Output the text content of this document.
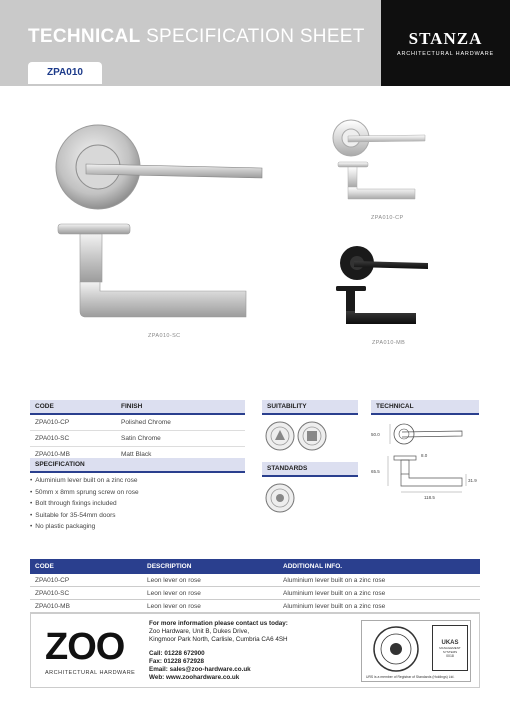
TECHNICAL SPECIFICATION SHEET	STANZA
ARCHITECTURAL HARDWARE
ZPA010
ZPA010-SC
ZPA010-CP
ZPA010-MB
CODE	FINISH
ZPA010-CP	Polished Chrome
ZPA010-SC	Satin Chrome
ZPA010-MB	Matt Black
SPECIFICATION
• Aluminium lever built on a zinc rose
• 50mm x 8mm sprung screw on rose
• Bolt through fixings included
• Suitable for 35-54mm doors
• No plastic packaging
SUITABILITY
STANDARDS
TECHNICAL
50.0
8.0
65.5
31.9
118.5
CODE	DESCRIPTION	ADDITIONAL INFO.
ZPA010-CP	Leon lever on rose	Aluminium lever built on a zinc rose
ZPA010-SC	Leon lever on rose	Aluminium lever built on a zinc rose
ZPA010-MB	Leon lever on rose	Aluminium lever built on a zinc rose
ZOO
ARCHITECTURAL HARDWARE
For more information please contact us today:
Zoo Hardware, Unit B, Dukes Drive,
Kingmoor Park North, Carlisle, Cumbria CA6 4SH
Call: 01228 672900
Fax: 01228 672928
Email: sales@zoo-hardware.co.uk
Web: www.zoohardware.co.uk
UKAS
MANAGEMENT SYSTEMS
0018
URS is a member of Registrar of Standards (Holdings) Ltd.
